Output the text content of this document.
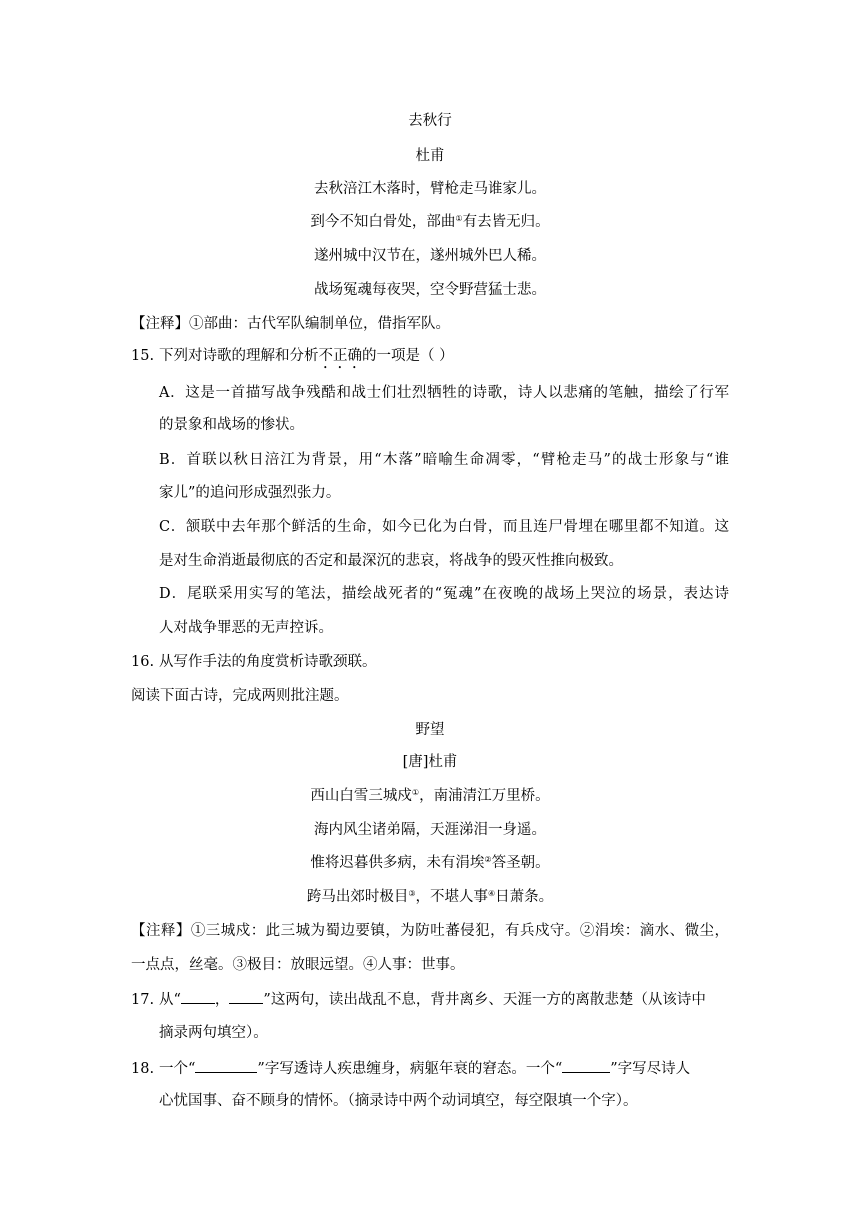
去秋行
杜甫
去秋涪江木落时，臂枪走马谁家儿。
到今不知白骨处，部曲①有去皆无归。
遂州城中汉节在，遂州城外巴人稀。
战场冤魂每夜哭，空令野营猛士悲。
【注释】①部曲：古代军队编制单位，借指军队。
15. 下列对诗歌的理解和分析不正确的一项是（ ）
A．这是一首描写战争残酷和战士们壮烈牺牲的诗歌，诗人以悲痛的笔触，描绘了行军
的景象和战场的惨状。
B．首联以秋日涪江为背景，用“木落”暗喻生命凋零，“臂枪走马”的战士形象与“谁
家儿”的追问形成强烈张力。
C．颔联中去年那个鲜活的生命，如今已化为白骨，而且连尸骨埋在哪里都不知道。这
是对生命消逝最彻底的否定和最深沉的悲哀，将战争的毁灭性推向极致。
D．尾联采用实写的笔法，描绘战死者的“冤魂”在夜晚的战场上哭泣的场景，表达诗
人对战争罪恶的无声控诉。
16. 从写作手法的角度赏析诗歌颈联。
阅读下面古诗，完成两则批注题。
野望
[唐]杜甫
西山白雪三城戍①，南浦清江万里桥。
海内风尘诸弟隔，天涯涕泪一身遥。
惟将迟暮供多病，未有涓埃②答圣朝。
跨马出郊时极目③，不堪人事④日萧条。
【注释】①三城戍：此三城为蜀边要镇，为防吐蕃侵犯，有兵戍守。②涓埃：滴水、微尘，
一点点，丝毫。③极目：放眼远望。④人事：世事。
17. 从“ ， ”这两句，读出战乱不息，背井离乡、天涯一方的离散悲楚（从该诗中
摘录两句填空）。
18. 一个“	”字写透诗人疾患缠身，病躯年衰的窘态。一个“	”字写尽诗人
心忧国事、奋不顾身的情怀。（摘录诗中两个动词填空，每空限填一个字）。
